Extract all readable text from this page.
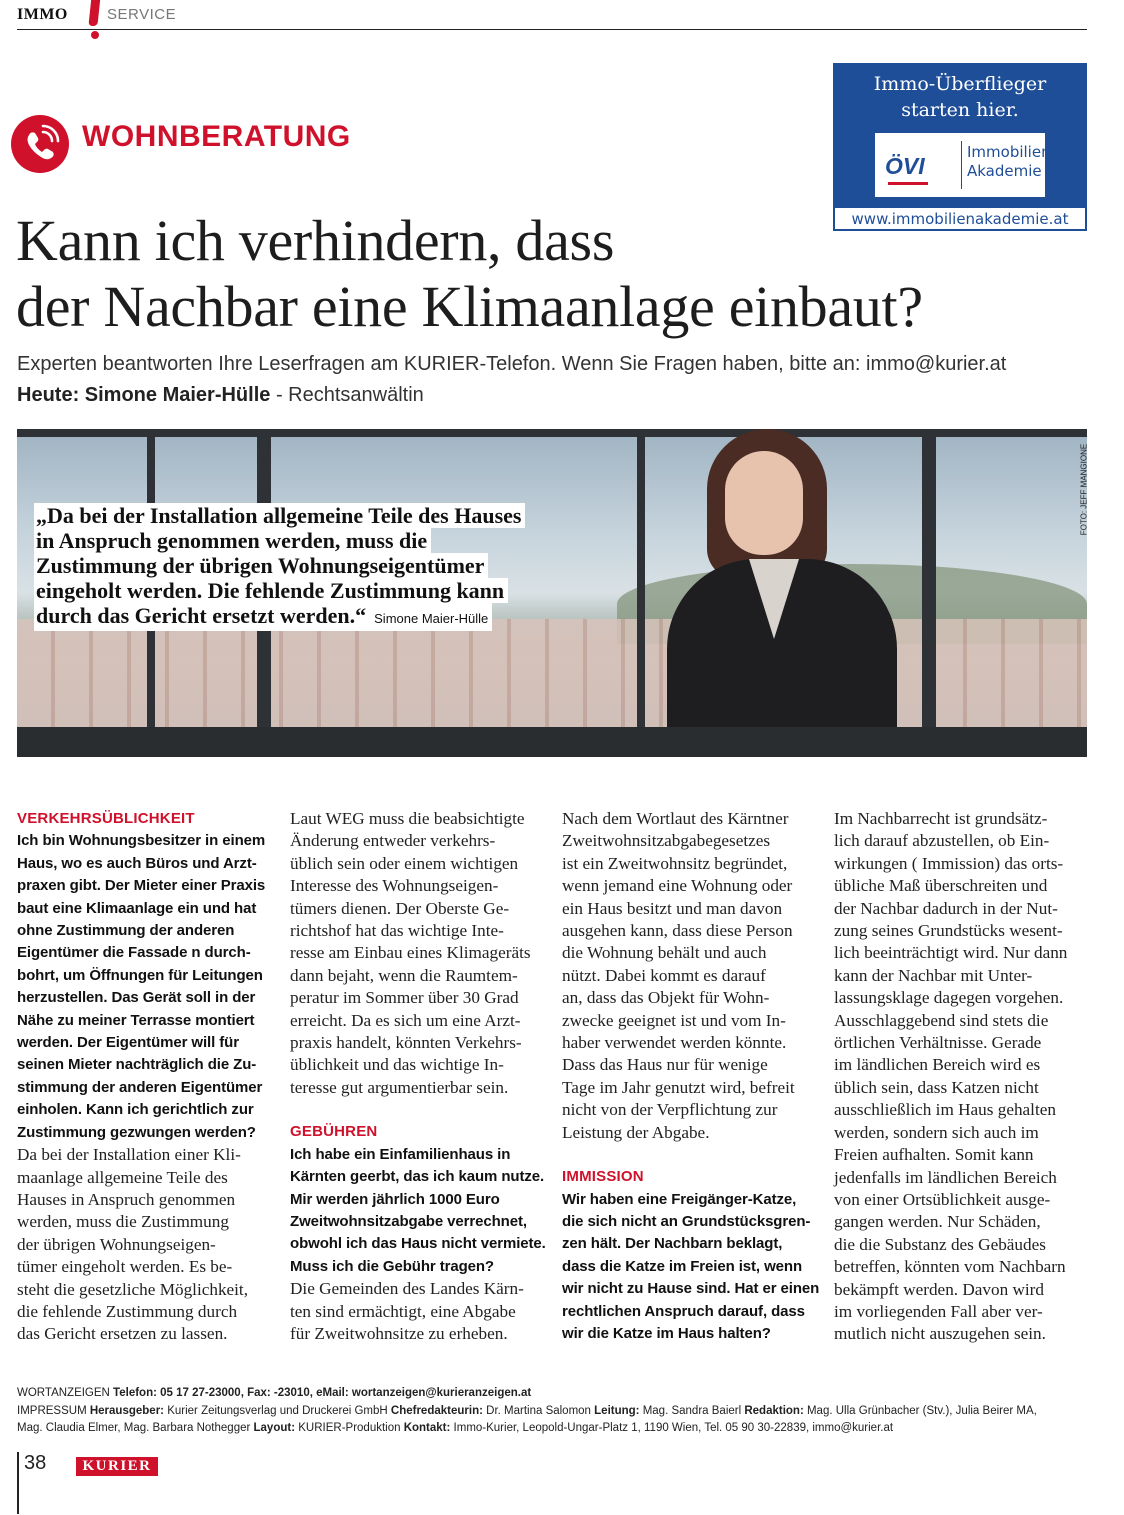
IMMO	SERVICE
Immo-Überflieger
starten hier.
ÖVI
Immobilien
Akademie
www.immobilienakademie.at
WOHNBERATUNG
Kann ich verhindern, dass
der Nachbar eine Klimaanlage einbaut?
Experten beantworten Ihre Leserfragen am KURIER-Telefon. Wenn Sie Fragen haben, bitte an: immo@kurier.at
Heute: Simone Maier-Hülle - Rechtsanwältin
FOTO: JEFF MANGIONE
„Da bei der Installation allgemeine Teile des Hauses
in Anspruch genommen werden, muss die
Zustimmung der übrigen Wohnungseigentümer
eingeholt werden. Die fehlende Zustimmung kann
durch das Gericht ersetzt werden.“ Simone Maier-Hülle
VERKEHRSÜBLICHKEIT
Ich bin Wohnungsbesitzer in einem
Haus, wo es auch Büros und Arzt-
praxen gibt. Der Mieter einer Praxis
baut eine Klimaanlage ein und hat
ohne Zustimmung der anderen
Eigentümer die Fassade n durch-
bohrt, um Öffnungen für Leitungen
herzustellen. Das Gerät soll in der
Nähe zu meiner Terrasse montiert
werden. Der Eigentümer will für
seinen Mieter nachträglich die Zu-
stimmung der anderen Eigentümer
einholen. Kann ich gerichtlich zur
Zustimmung gezwungen werden?
Da bei der Installation einer Kli-
maanlage allgemeine Teile des
Hauses in Anspruch genommen
werden, muss die Zustimmung
der übrigen Wohnungseigen-
tümer eingeholt werden. Es be-
steht die gesetzliche Möglichkeit,
die fehlende Zustimmung durch
das Gericht ersetzen zu lassen.
Laut WEG muss die beabsichtigte
Änderung entweder verkehrs-
üblich sein oder einem wichtigen
Interesse des Wohnungseigen-
tümers dienen. Der Oberste Ge-
richtshof hat das wichtige Inte-
resse am Einbau eines Klimageräts
dann bejaht, wenn die Raumtem-
peratur im Sommer über 30 Grad
erreicht. Da es sich um eine Arzt-
praxis handelt, könnten Verkehrs-
üblichkeit und das wichtige In-
teresse gut argumentierbar sein.
GEBÜHREN
Ich habe ein Einfamilienhaus in
Kärnten geerbt, das ich kaum nutze.
Mir werden jährlich 1000 Euro
Zweitwohnsitzabgabe verrechnet,
obwohl ich das Haus nicht vermiete.
Muss ich die Gebühr tragen?
Die Gemeinden des Landes Kärn-
ten sind ermächtigt, eine Abgabe
für Zweitwohnsitze zu erheben.
Nach dem Wortlaut des Kärntner
Zweitwohnsitzabgabegesetzes
ist ein Zweitwohnsitz begründet,
wenn jemand eine Wohnung oder
ein Haus besitzt und man davon
ausgehen kann, dass diese Person
die Wohnung behält und auch
nützt. Dabei kommt es darauf
an, dass das Objekt für Wohn-
zwecke geeignet ist und vom In-
haber verwendet werden könnte.
Dass das Haus nur für wenige
Tage im Jahr genutzt wird, befreit
nicht von der Verpflichtung zur
Leistung der Abgabe.
IMMISSION
Wir haben eine Freigänger-Katze,
die sich nicht an Grundstücksgren-
zen hält. Der Nachbarn beklagt,
dass die Katze im Freien ist, wenn
wir nicht zu Hause sind. Hat er einen
rechtlichen Anspruch darauf, dass
wir die Katze im Haus halten?
Im Nachbarrecht ist grundsätz-
lich darauf abzustellen, ob Ein-
wirkungen ( Immission) das orts-
übliche Maß überschreiten und
der Nachbar dadurch in der Nut-
zung seines Grundstücks wesent-
lich beeinträchtigt wird. Nur dann
kann der Nachbar mit Unter-
lassungsklage dagegen vorgehen.
Ausschlaggebend sind stets die
örtlichen Verhältnisse. Gerade
im ländlichen Bereich wird es
üblich sein, dass Katzen nicht
ausschließlich im Haus gehalten
werden, sondern sich auch im
Freien aufhalten. Somit kann
jedenfalls im ländlichen Bereich
von einer Ortsüblichkeit ausge-
gangen werden. Nur Schäden,
die die Substanz des Gebäudes
betreffen, könnten vom Nachbarn
bekämpft werden. Davon wird
im vorliegenden Fall aber ver-
mutlich nicht auszugehen sein.
WORTANZEIGEN Telefon: 05 17 27-23000, Fax: -23010, eMail: wortanzeigen@kurieranzeigen.at
IMPRESSUM Herausgeber: Kurier Zeitungsverlag und Druckerei GmbH Chefredakteurin: Dr. Martina Salomon Leitung: Mag. Sandra Baierl Redaktion: Mag. Ulla Grünbacher (Stv.), Julia Beirer MA,
Mag. Claudia Elmer, Mag. Barbara Nothegger Layout: KURIER-Produktion Kontakt: Immo-Kurier, Leopold-Ungar-Platz 1, 1190 Wien, Tel. 05 90 30-22839, immo@kurier.at
38	KURIER
